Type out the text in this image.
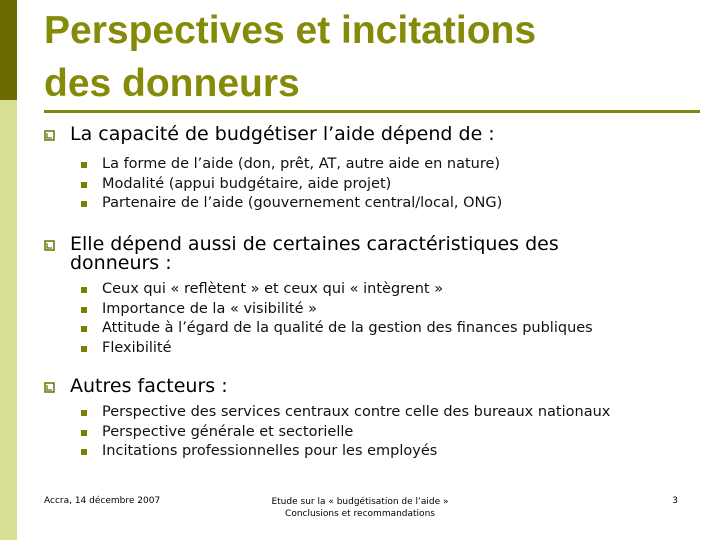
Perspectives et incitations
des donneurs
La capacité de budgétiser l’aide dépend de :
La forme de l’aide (don, prêt, AT, autre aide en nature)
Modalité (appui budgétaire, aide projet)
Partenaire de l’aide (gouvernement central/local, ONG)
Elle dépend aussi de certaines caractéristiques des
donneurs :
Ceux qui « reflètent » et ceux qui « intègrent »
Importance de la « visibilité »
Attitude à l’égard de la qualité de la gestion des finances publiques
Flexibilité
Autres facteurs :
Perspective des services centraux contre celle des bureaux nationaux
Perspective générale et sectorielle
Incitations professionnelles pour les employés
Accra, 14 décembre 2007	Etude sur la « budgétisation de l’aide »
Conclusions et recommandations
3
